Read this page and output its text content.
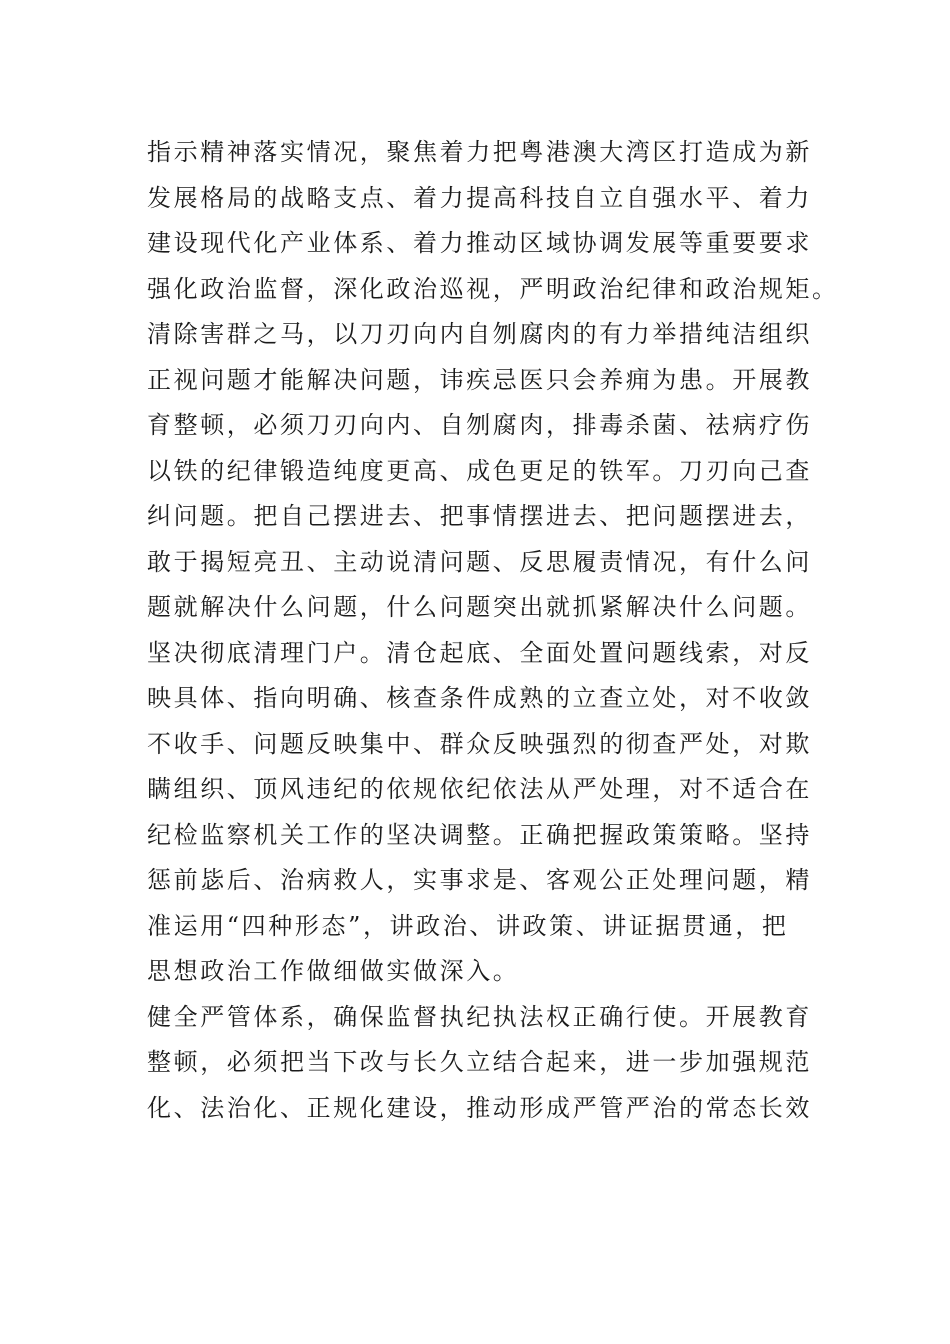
指示精神落实情况，聚焦着力把粤港澳大湾区打造成为新
发展格局的战略支点、着力提高科技自立自强水平、着力
建设现代化产业体系、着力推动区域协调发展等重要要求
强化政治监督，深化政治巡视，严明政治纪律和政治规矩。
清除害群之马，以刀刃向内自刎腐肉的有力举措纯洁组织
正视问题才能解决问题，讳疾忌医只会养痈为患。开展教
育整顿，必须刀刃向内、自刎腐肉，排毒杀菌、祛病疗伤
以铁的纪律锻造纯度更高、成色更足的铁军。刀刃向己查
纠问题。把自己摆进去、把事情摆进去、把问题摆进去，
敢于揭短亮丑、主动说清问题、反思履责情况，有什么问
题就解决什么问题，什么问题突出就抓紧解决什么问题。
坚决彻底清理门户。清仓起底、全面处置问题线索，对反
映具体、指向明确、核查条件成熟的立查立处，对不收敛
不收手、问题反映集中、群众反映强烈的彻查严处，对欺
瞒组织、顶风违纪的依规依纪依法从严处理，对不适合在
纪检监察机关工作的坚决调整。正确把握政策策略。坚持
惩前毖后、治病救人，实事求是、客观公正处理问题，精
准运用“四种形态”，讲政治、讲政策、讲证据贯通，把
思想政治工作做细做实做深入。
健全严管体系，确保监督执纪执法权正确行使。开展教育
整顿，必须把当下改与长久立结合起来，进一步加强规范
化、法治化、正规化建设，推动形成严管严治的常态长效
